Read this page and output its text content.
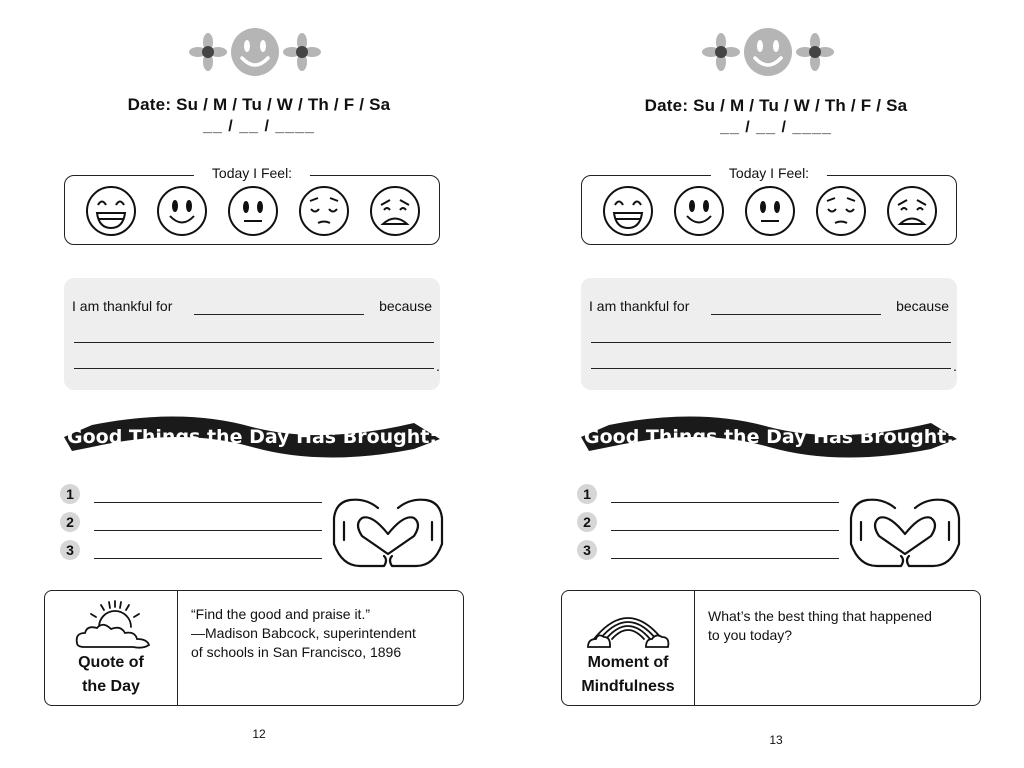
Date: Su / M / Tu / W / Th / F / Sa
__ / __ / ____
Today I Feel:
I am thankful for	because
.
Good Things the Day Has Brought:
1
2
3
Quote of
the Day
“Find the good and praise it.”
—Madison Babcock, superintendent
of schools in San Francisco, 1896
12
Date: Su / M / Tu / W / Th / F / Sa
__ / __ / ____
Today I Feel:
I am thankful for	because
.
Good Things the Day Has Brought:
1
2
3
Moment of
Mindfulness
What’s the best thing that happened
to you today?
13
